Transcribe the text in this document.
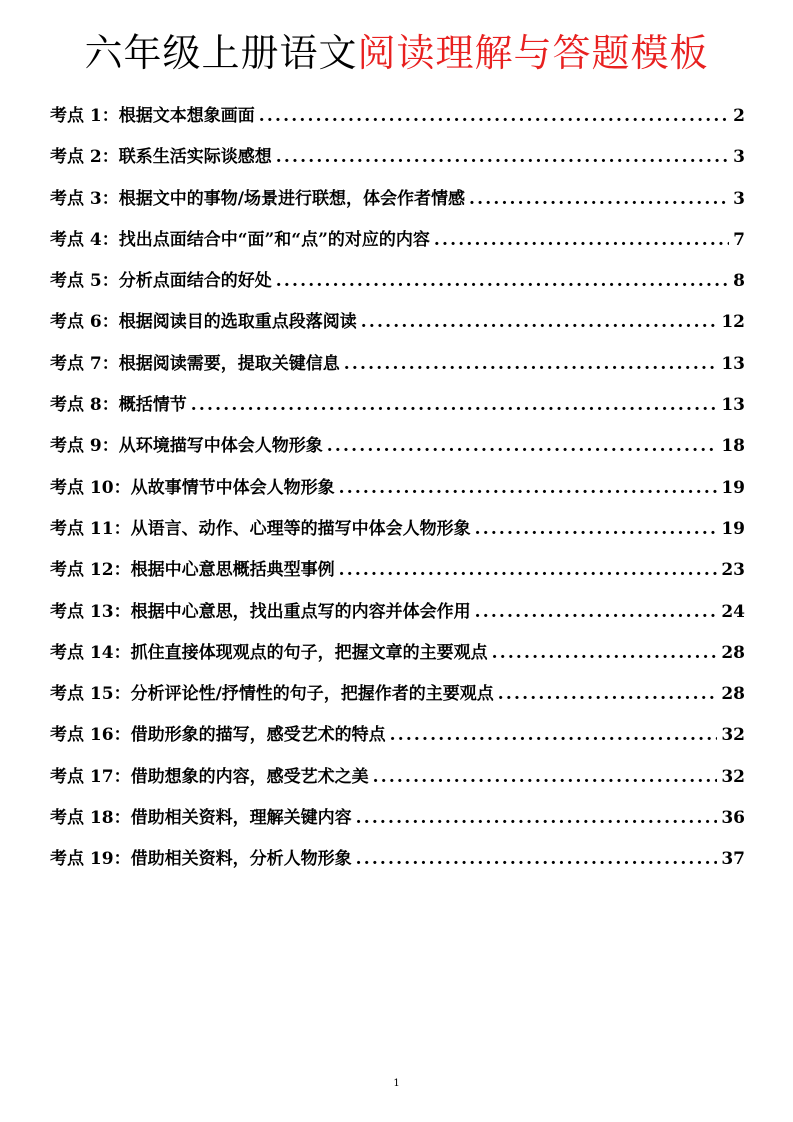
六年级上册语文阅读理解与答题模板
考点 1：根据文本想象画面 .....	2
考点 2：联系生活实际谈感想 .....	3
考点 3：根据文中的事物/场景进行联想，体会作者情感 .....	3
考点 4：找出点面结合中“面”和“点”的对应的内容 .....	7
考点 5：分析点面结合的好处 .....	8
考点 6：根据阅读目的选取重点段落阅读 .....	12
考点 7：根据阅读需要，提取关键信息 .....	13
考点 8：概括情节 .....	13
考点 9：从环境描写中体会人物形象 .....	18
考点 10：从故事情节中体会人物形象 .....	19
考点 11：从语言、动作、心理等的描写中体会人物形象 .....	19
考点 12：根据中心意思概括典型事例 .....	23
考点 13：根据中心意思，找出重点写的内容并体会作用 .....	24
考点 14：抓住直接体现观点的句子，把握文章的主要观点 .....	28
考点 15：分析评论性/抒情性的句子，把握作者的主要观点 .....	28
考点 16：借助形象的描写，感受艺术的特点 .....	32
考点 17：借助想象的内容，感受艺术之美 .....	32
考点 18：借助相关资料，理解关键内容 .....	36
考点 19：借助相关资料，分析人物形象 .....	37
1
